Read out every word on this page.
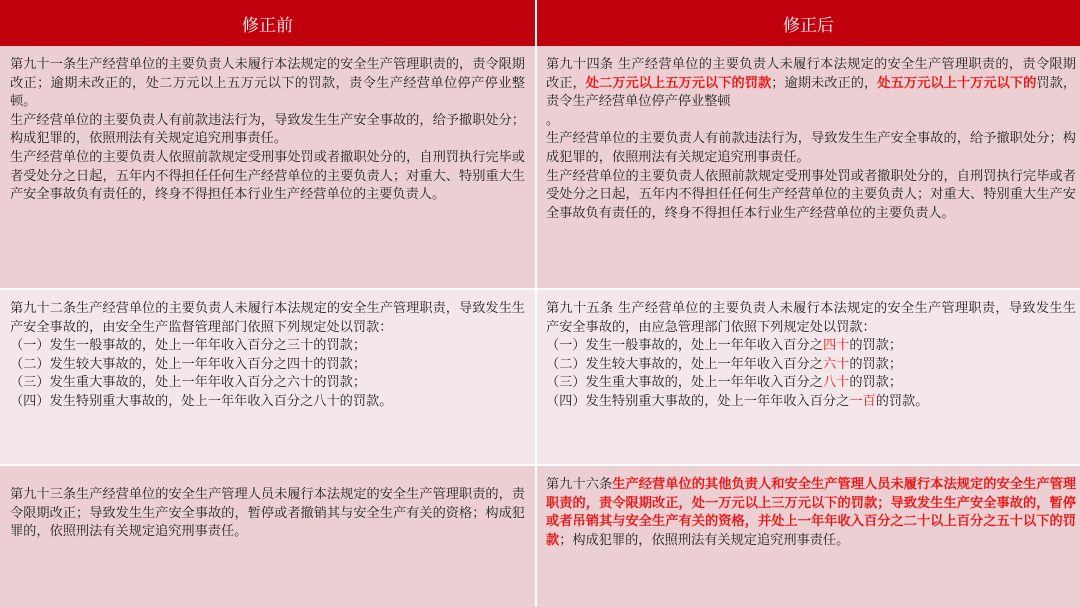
修正前	修正后

第九十一条生产经营单位的主要负责人未履行本法规定的安全生产管理职责的，责令限期改正；逾期未改正的，处二万元以上五万元以下的罚款，责令生产经营单位停产停业整顿。

生产经营单位的主要负责人有前款违法行为，导致发生生产安全事故的，给予撤职处分；构成犯罪的，依照刑法有关规定追究刑事责任。

生产经营单位的主要负责人依照前款规定受刑事处罚或者撤职处分的，自刑罚执行完毕或者受处分之日起，五年内不得担任任何生产经营单位的主要负责人；对重大、特别重大生产安全事故负有责任的，终身不得担任本行业生产经营单位的主要负责人。

第九十四条 生产经营单位的主要负责人未履行本法规定的安全生产管理职责的，责令限期改正，处二万元以上五万元以下的罚款；逾期未改正的，处五万元以上十万元以下的罚款，责令生产经营单位停产停业整顿

。

生产经营单位的主要负责人有前款违法行为，导致发生生产安全事故的，给予撤职处分；构成犯罪的，依照刑法有关规定追究刑事责任。

生产经营单位的主要负责人依照前款规定受刑事处罚或者撤职处分的，自刑罚执行完毕或者受处分之日起，五年内不得担任任何生产经营单位的主要负责人；对重大、特别重大生产安全事故负有责任的，终身不得担任本行业生产经营单位的主要负责人。

第九十二条生产经营单位的主要负责人未履行本法规定的安全生产管理职责，导致发生生产安全事故的，由安全生产监督管理部门依照下列规定处以罚款：

（一）发生一般事故的，处上一年年收入百分之三十的罚款；

（二）发生较大事故的，处上一年年收入百分之四十的罚款；

（三）发生重大事故的，处上一年年收入百分之六十的罚款；

（四）发生特别重大事故的，处上一年年收入百分之八十的罚款。

第九十五条 生产经营单位的主要负责人未履行本法规定的安全生产管理职责，导致发生生产安全事故的，由应急管理部门依照下列规定处以罚款：

（一）发生一般事故的，处上一年年收入百分之四十的罚款；

（二）发生较大事故的，处上一年年收入百分之六十的罚款；

（三）发生重大事故的，处上一年年收入百分之八十的罚款；

（四）发生特别重大事故的，处上一年年收入百分之一百的罚款。

第九十三条生产经营单位的安全生产管理人员未履行本法规定的安全生产管理职责的，责令限期改正；导致发生生产安全事故的，暂停或者撤销其与安全生产有关的资格；构成犯罪的，依照刑法有关规定追究刑事责任。

第九十六条生产经营单位的其他负责人和安全生产管理人员未履行本法规定的安全生产管理职责的，责令限期改正，处一万元以上三万元以下的罚款；导致发生生产安全事故的，暂停或者吊销其与安全生产有关的资格，并处上一年年收入百分之二十以上百分之五十以下的罚款；构成犯罪的，依照刑法有关规定追究刑事责任。
